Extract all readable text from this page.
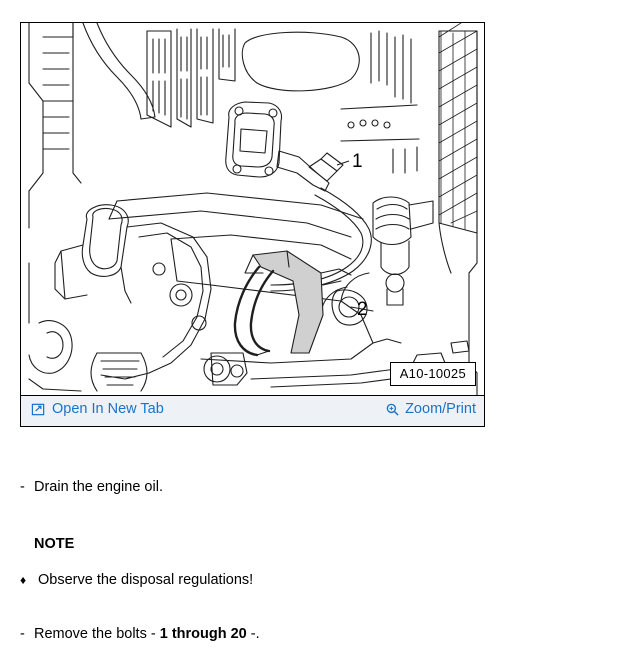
1
2
A10-10025
Open In New Tab	Zoom/Print
- Drain the engine oil.
NOTE
♦ Observe the disposal regulations!
- Remove the bolts - 1 through 20 -.
